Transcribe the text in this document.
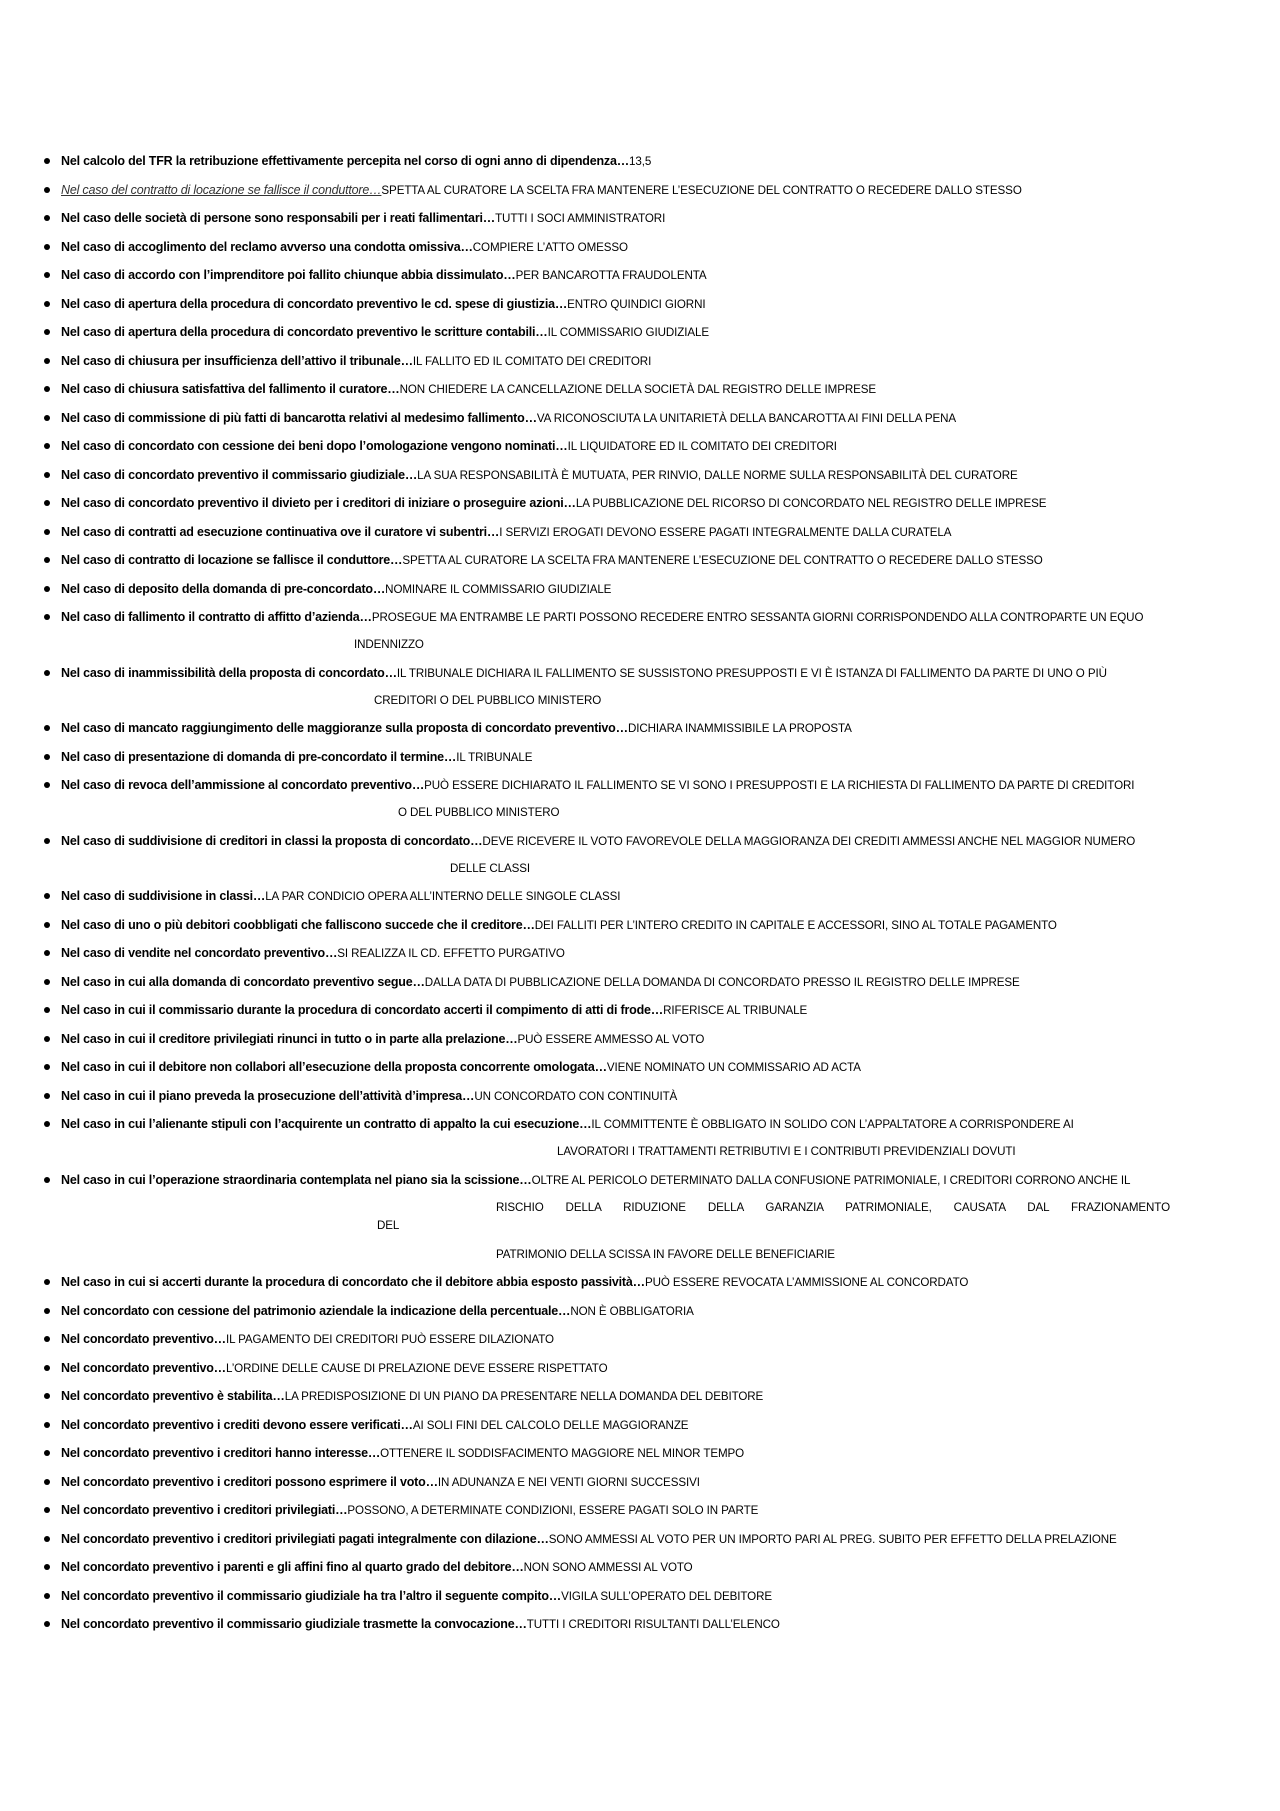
Nel calcolo del TFR la retribuzione effettivamente percepita nel corso di ogni anno di dipendenza…13,5
Nel caso del contratto di locazione se fallisce il conduttore…SPETTA AL CURATORE LA SCELTA FRA MANTENERE L’ESECUZIONE DEL CONTRATTO O RECEDERE DALLO STESSO
Nel caso delle società di persone sono responsabili per i reati fallimentari…TUTTI I SOCI AMMINISTRATORI
Nel caso di accoglimento del reclamo avverso una condotta omissiva…COMPIERE L’ATTO OMESSO
Nel caso di accordo con l’imprenditore poi fallito chiunque abbia dissimulato…PER BANCAROTTA FRAUDOLENTA
Nel caso di apertura della procedura di concordato preventivo le cd. spese di giustizia…ENTRO QUINDICI GIORNI
Nel caso di apertura della procedura di concordato preventivo le scritture contabili…IL COMMISSARIO GIUDIZIALE
Nel caso di chiusura per insufficienza dell’attivo il tribunale…IL FALLITO ED IL COMITATO DEI CREDITORI
Nel caso di chiusura satisfattiva del fallimento il curatore…NON CHIEDERE LA CANCELLAZIONE DELLA SOCIETÀ DAL REGISTRO DELLE IMPRESE
Nel caso di commissione di più fatti di bancarotta relativi al medesimo fallimento…VA RICONOSCIUTA LA UNITARIETÀ DELLA BANCAROTTA AI FINI DELLA PENA
Nel caso di concordato con cessione dei beni dopo l’omologazione vengono nominati…IL LIQUIDATORE ED IL COMITATO DEI CREDITORI
Nel caso di concordato preventivo il commissario giudiziale…LA SUA RESPONSABILITÀ È MUTUATA, PER RINVIO, DALLE NORME SULLA RESPONSABILITÀ DEL CURATORE
Nel caso di concordato preventivo il divieto per i creditori di iniziare o proseguire azioni…LA PUBBLICAZIONE DEL RICORSO DI CONCORDATO NEL REGISTRO DELLE IMPRESE
Nel caso di contratti ad esecuzione continuativa ove il curatore vi subentri…I SERVIZI EROGATI DEVONO ESSERE PAGATI INTEGRALMENTE DALLA CURATELA
Nel caso di contratto di locazione se fallisce il conduttore…SPETTA AL CURATORE LA SCELTA FRA MANTENERE L’ESECUZIONE DEL CONTRATTO O RECEDERE DALLO STESSO
Nel caso di deposito della domanda di pre-concordato…NOMINARE IL COMMISSARIO GIUDIZIALE
Nel caso di fallimento il contratto di affitto d’azienda…PROSEGUE MA ENTRAMBE LE PARTI POSSONO RECEDERE ENTRO SESSANTA GIORNI CORRISPONDENDO ALLA CONTROPARTE UN EQUO
INDENNIZZO
Nel caso di inammissibilità della proposta di concordato…IL TRIBUNALE DICHIARA IL FALLIMENTO SE SUSSISTONO PRESUPPOSTI E VI È ISTANZA DI FALLIMENTO DA PARTE DI UNO O PIÙ
CREDITORI O DEL PUBBLICO MINISTERO
Nel caso di mancato raggiungimento delle maggioranze sulla proposta di concordato preventivo…DICHIARA INAMMISSIBILE LA PROPOSTA
Nel caso di presentazione di domanda di pre-concordato il termine…IL TRIBUNALE
Nel caso di revoca dell’ammissione al concordato preventivo…PUÒ ESSERE DICHIARATO IL FALLIMENTO SE VI SONO I PRESUPPOSTI E LA RICHIESTA DI FALLIMENTO DA PARTE DI CREDITORI
O DEL PUBBLICO MINISTERO
Nel caso di suddivisione di creditori in classi la proposta di concordato…DEVE RICEVERE IL VOTO FAVOREVOLE DELLA MAGGIORANZA DEI CREDITI AMMESSI ANCHE NEL MAGGIOR NUMERO
DELLE CLASSI
Nel caso di suddivisione in classi…LA PAR CONDICIO OPERA ALL’INTERNO DELLE SINGOLE CLASSI
Nel caso di uno o più debitori coobbligati che falliscono succede che il creditore…DEI FALLITI PER L’INTERO CREDITO IN CAPITALE E ACCESSORI, SINO AL TOTALE PAGAMENTO
Nel caso di vendite nel concordato preventivo…SI REALIZZA IL CD. EFFETTO PURGATIVO
Nel caso in cui alla domanda di concordato preventivo segue…DALLA DATA DI PUBBLICAZIONE DELLA DOMANDA DI CONCORDATO PRESSO IL REGISTRO DELLE IMPRESE
Nel caso in cui il commissario durante la procedura di concordato accerti il compimento di atti di frode…RIFERISCE AL TRIBUNALE
Nel caso in cui il creditore privilegiati rinunci in tutto o in parte alla prelazione…PUÒ ESSERE AMMESSO AL VOTO
Nel caso in cui il debitore non collabori all’esecuzione della proposta concorrente omologata…VIENE NOMINATO UN COMMISSARIO AD ACTA
Nel caso in cui il piano preveda la prosecuzione dell’attività d’impresa…UN CONCORDATO CON CONTINUITÀ
Nel caso in cui l’alienante stipuli con l’acquirente un contratto di appalto la cui esecuzione…IL COMMITTENTE È OBBLIGATO IN SOLIDO CON L’APPALTATORE A CORRISPONDERE AI
LAVORATORI I TRATTAMENTI RETRIBUTIVI E I CONTRIBUTI PREVIDENZIALI DOVUTI
Nel caso in cui l’operazione straordinaria contemplata nel piano sia la scissione…OLTRE AL PERICOLO DETERMINATO DALLA CONFUSIONE PATRIMONIALE, I CREDITORI CORRONO ANCHE IL
RISCHIO DELLA RIDUZIONE DELLA GARANZIA PATRIMONIALE, CAUSATA DAL FRAZIONAMENTO
DEL
PATRIMONIO DELLA SCISSA IN FAVORE DELLE BENEFICIARIE
Nel caso in cui si accerti durante la procedura di concordato che il debitore abbia esposto passività…PUÒ ESSERE REVOCATA L’AMMISSIONE AL CONCORDATO
Nel concordato con cessione del patrimonio aziendale la indicazione della percentuale…NON È OBBLIGATORIA
Nel concordato preventivo…IL PAGAMENTO DEI CREDITORI PUÒ ESSERE DILAZIONATO
Nel concordato preventivo…L’ORDINE DELLE CAUSE DI PRELAZIONE DEVE ESSERE RISPETTATO
Nel concordato preventivo è stabilita…LA PREDISPOSIZIONE DI UN PIANO DA PRESENTARE NELLA DOMANDA DEL DEBITORE
Nel concordato preventivo i crediti devono essere verificati…AI SOLI FINI DEL CALCOLO DELLE MAGGIORANZE
Nel concordato preventivo i creditori hanno interesse…OTTENERE IL SODDISFACIMENTO MAGGIORE NEL MINOR TEMPO
Nel concordato preventivo i creditori possono esprimere il voto…IN ADUNANZA E NEI VENTI GIORNI SUCCESSIVI
Nel concordato preventivo i creditori privilegiati…POSSONO, A DETERMINATE CONDIZIONI, ESSERE PAGATI SOLO IN PARTE
Nel concordato preventivo i creditori privilegiati pagati integralmente con dilazione…SONO AMMESSI AL VOTO PER UN IMPORTO PARI AL PREG. SUBITO PER EFFETTO DELLA PRELAZIONE
Nel concordato preventivo i parenti e gli affini fino al quarto grado del debitore…NON SONO AMMESSI AL VOTO
Nel concordato preventivo il commissario giudiziale ha tra l’altro il seguente compito…VIGILA SULL’OPERATO DEL DEBITORE
Nel concordato preventivo il commissario giudiziale trasmette la convocazione…TUTTI I CREDITORI RISULTANTI DALL’ELENCO
